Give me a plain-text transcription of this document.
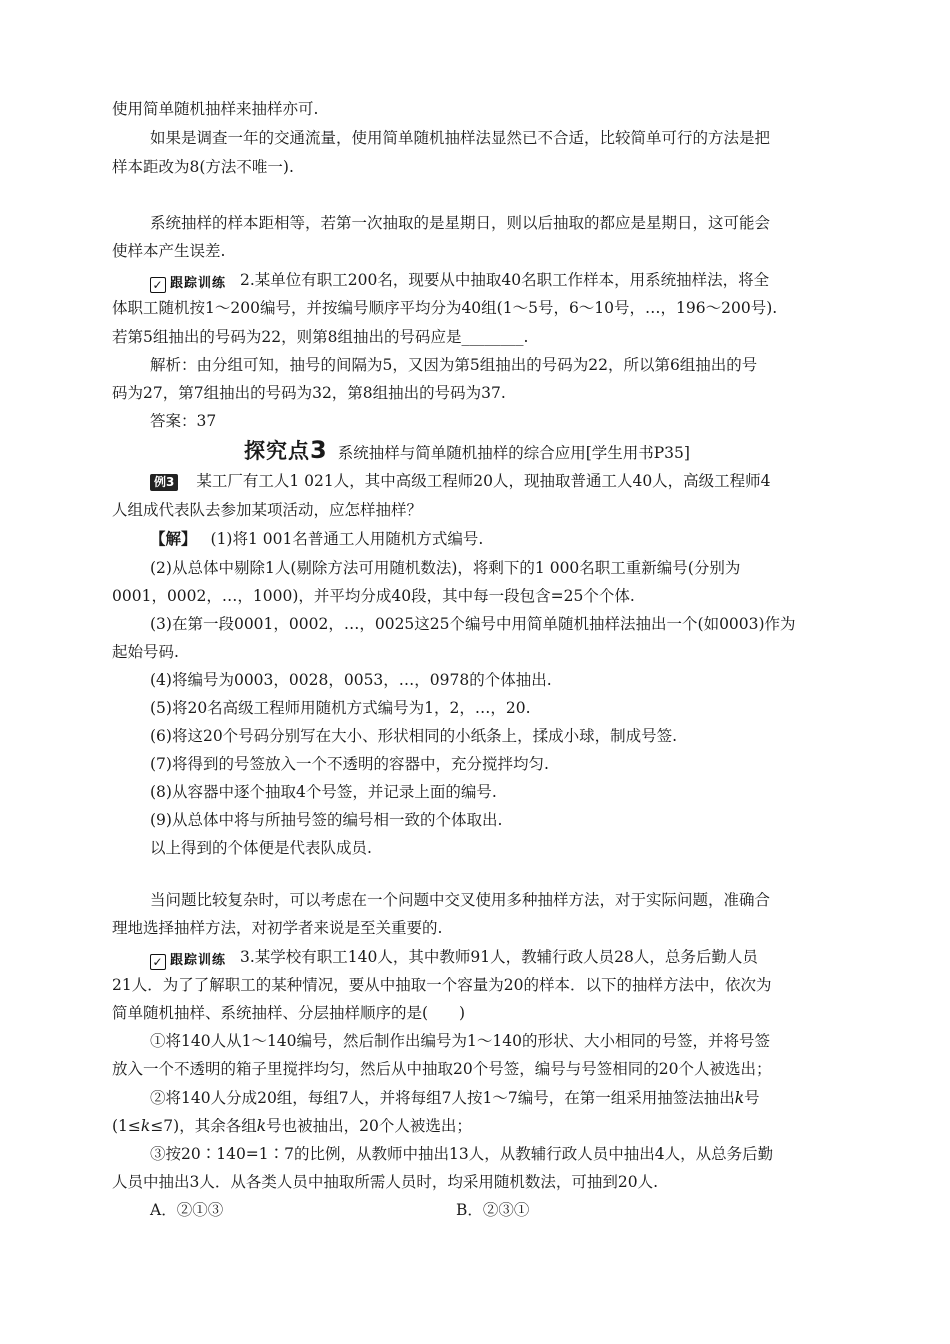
使用简单随机抽样来抽样亦可.
如果是调查一年的交通流量，使用简单随机抽样法显然已不合适，比较简单可行的方法是把
样本距改为8(方法不唯一).
系统抽样的样本距相等，若第一次抽取的是星期日，则以后抽取的都应是星期日，这可能会
使样本产生误差.
✓ 跟踪训练 2.某单位有职工200名，现要从中抽取40名职工作样本，用系统抽样法，将全
体职工随机按1～200编号，并按编号顺序平均分为40组(1～5号，6～10号，…，196～200号).
若第5组抽出的号码为22，则第8组抽出的号码应是________.
解析：由分组可知，抽号的间隔为5，又因为第5组抽出的号码为22，所以第6组抽出的号
码为27，第7组抽出的号码为32，第8组抽出的号码为37.
答案：37
探究点3 系统抽样与简单随机抽样的综合应用[学生用书P35]
例3 某工厂有工人1 021人，其中高级工程师20人，现抽取普通工人40人，高级工程师4
人组成代表队去参加某项活动，应怎样抽样？
【解】 (1)将1 001名普通工人用随机方式编号.
(2)从总体中剔除1人(剔除方法可用随机数法)，将剩下的1 000名职工重新编号(分别为
0001，0002，…，1000)，并平均分成40段，其中每一段包含=25个个体.
(3)在第一段0001，0002，…，0025这25个编号中用简单随机抽样法抽出一个(如0003)作为
起始号码.
(4)将编号为0003，0028，0053，…，0978的个体抽出.
(5)将20名高级工程师用随机方式编号为1，2，…，20.
(6)将这20个号码分别写在大小、形状相同的小纸条上，揉成小球，制成号签.
(7)将得到的号签放入一个不透明的容器中，充分搅拌均匀.
(8)从容器中逐个抽取4个号签，并记录上面的编号.
(9)从总体中将与所抽号签的编号相一致的个体取出.
以上得到的个体便是代表队成员.
当问题比较复杂时，可以考虑在一个问题中交叉使用多种抽样方法，对于实际问题，准确合
理地选择抽样方法，对初学者来说是至关重要的.
✓ 跟踪训练 3.某学校有职工140人，其中教师91人，教辅行政人员28人，总务后勤人员
21人．为了了解职工的某种情况，要从中抽取一个容量为20的样本．以下的抽样方法中，依次为
简单随机抽样、系统抽样、分层抽样顺序的是(　　)
①将140人从1～140编号，然后制作出编号为1～140的形状、大小相同的号签，并将号签
放入一个不透明的箱子里搅拌均匀，然后从中抽取20个号签，编号与号签相同的20个人被选出；
②将140人分成20组，每组7人，并将每组7人按1～7编号，在第一组采用抽签法抽出k号
(1≤k≤7)，其余各组k号也被抽出，20个人被选出；
③按20∶140=1∶7的比例，从教师中抽出13人，从教辅行政人员中抽出4人，从总务后勤
人员中抽出3人．从各类人员中抽取所需人员时，均采用随机数法，可抽到20人.
A．②①③	B．②③①
